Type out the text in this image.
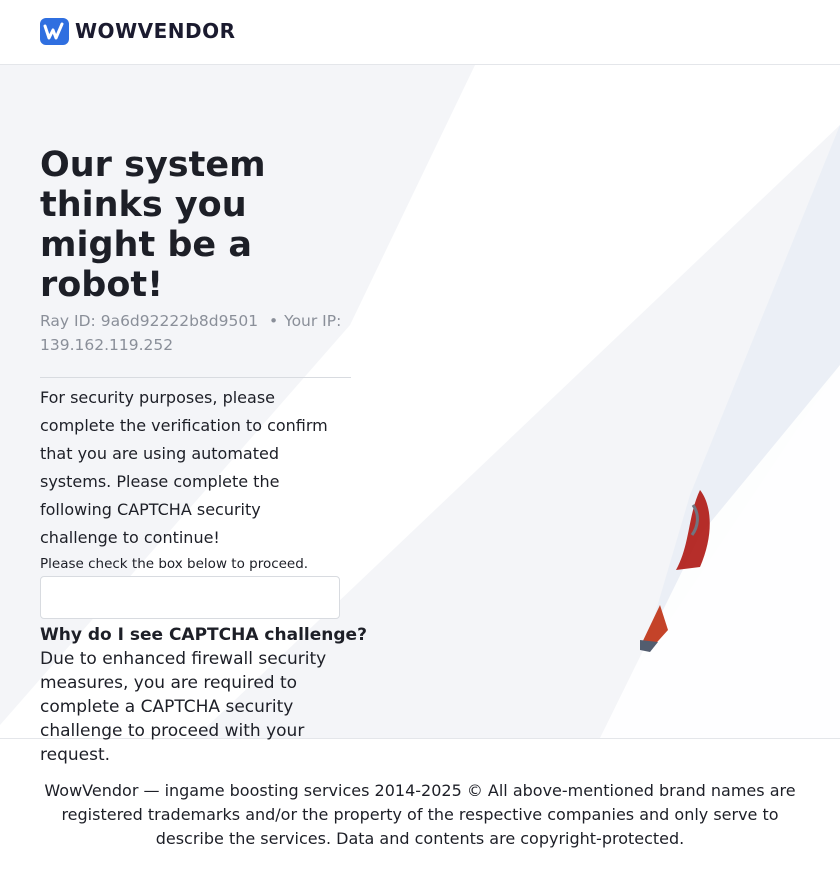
WOWVENDOR
Our system thinks you might be a robot!
Ray ID: 9a6d92222b8d9501 • Your IP: 139.162.119.252

For security purposes, please complete the verification to confirm that you are using automated systems. Please complete the following CAPTCHA security challenge to continue!

Please check the box below to proceed.
Why do I see CAPTCHA challenge?

Due to enhanced firewall security measures, you are required to complete a CAPTCHA security challenge to proceed with your request.

WowVendor — ingame boosting services 2014-2025 © All above-mentioned brand names are registered trademarks and/or the property of the respective companies and only serve to describe the services. Data and contents are copyright-protected.
